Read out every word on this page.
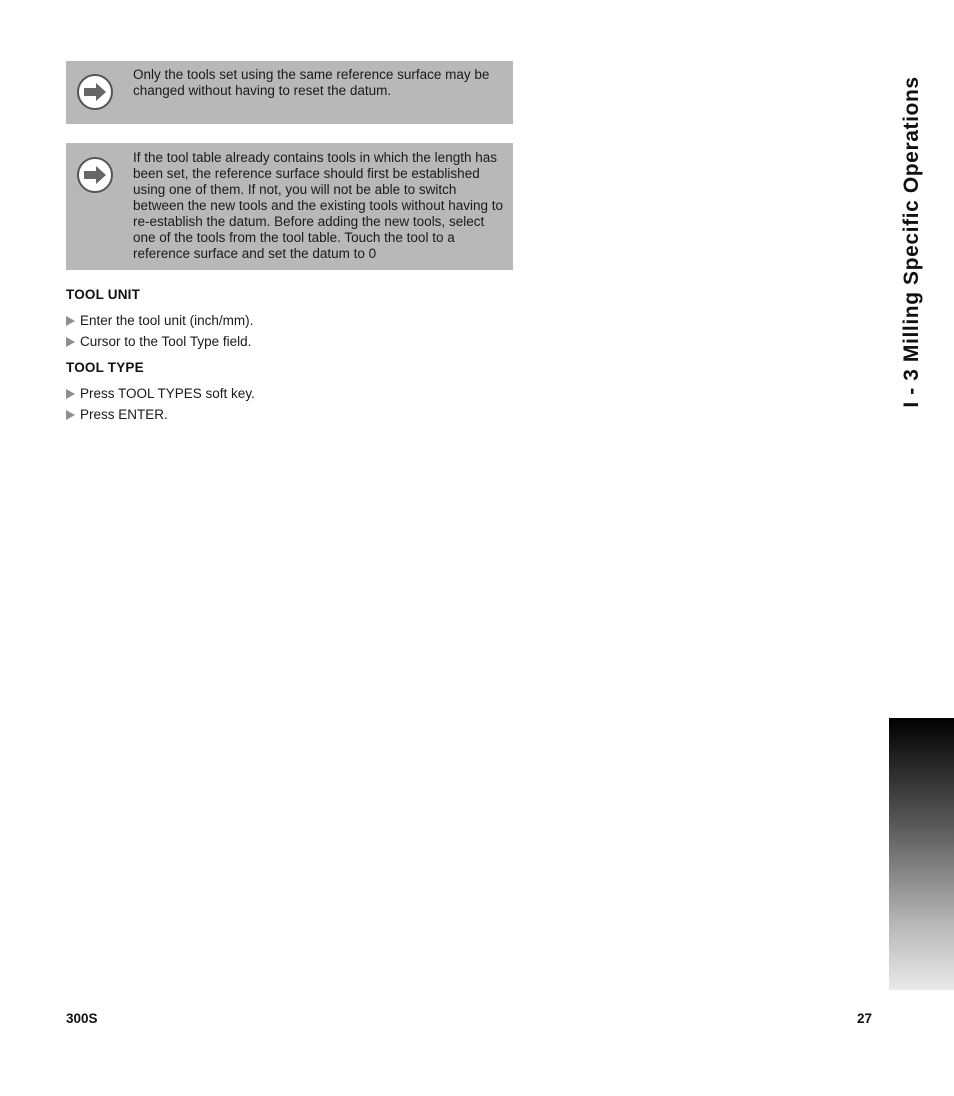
Only the tools set using the same reference surface may be changed without having to reset the datum.
If the tool table already contains tools in which the length has been set, the reference surface should first be established using one of them. If not, you will not be able to switch between the new tools and the existing tools without having to re-establish the datum. Before adding the new tools, select one of the tools from the tool table. Touch the tool to a reference surface and set the datum to 0
TOOL UNIT
Enter the tool unit (inch/mm).
Cursor to the Tool Type field.
TOOL TYPE
Press TOOL TYPES soft key.
Press ENTER.
I - 3 Milling Specific Operations
300S	27
